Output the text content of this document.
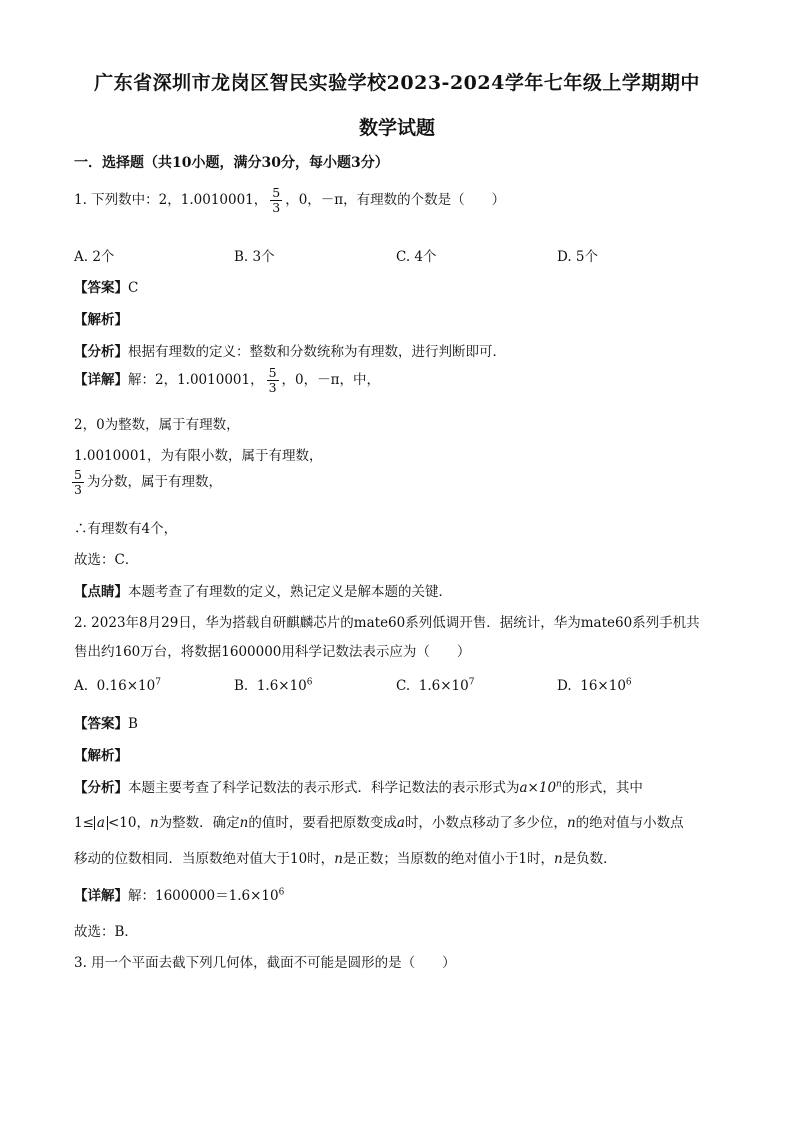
广东省深圳市龙岗区智民实验学校2023-2024学年七年级上学期期中
数学试题
一．选择题（共10小题，满分30分，每小题3分）
1. 下列数中：2，1.0010001， $\frac{5}{3}$ ，0，－π，有理数的个数是（　　）
A. 2个	B. 3个	C. 4个	D. 5个
【答案】C
【解析】
【分析】根据有理数的定义：整数和分数统称为有理数，进行判断即可．
【详解】解：2，1.0010001， $\frac{5}{3}$ ，0，－π，中，
2，0为整数，属于有理数，
1.0010001，为有限小数，属于有理数，
$\frac{5}{3}$ 为分数，属于有理数，
∴有理数有4个，
故选：C．
【点睛】本题考查了有理数的定义，熟记定义是解本题的关键．
2. 2023年8月29日，华为搭载自研麒麟芯片的mate60系列低调开售．据统计，华为mate60系列手机共
售出约160万台，将数据1600000用科学记数法表示应为（　　）
A. $0.16\times 10^7$	B. $1.6\times 10^6$	C. $1.6\times 10^7$	D. $16\times 10^6$
【答案】B
【解析】
【分析】本题主要考查了科学记数法的表示形式．科学记数法的表示形式为$a\times 10^n$的形式，其中
1≤ a <10，n为整数．确定n的值时，要看把原数变成a时，小数点移动了多少位，n的绝对值与小数点
移动的位数相同．当原数绝对值大于10时，n是正数；当原数的绝对值小于1时，n是负数．
【详解】解：$1600000=1.6\times 10^6$
故选：B．
3. 用一个平面去截下列几何体，截面不可能是圆形的是（　　）
